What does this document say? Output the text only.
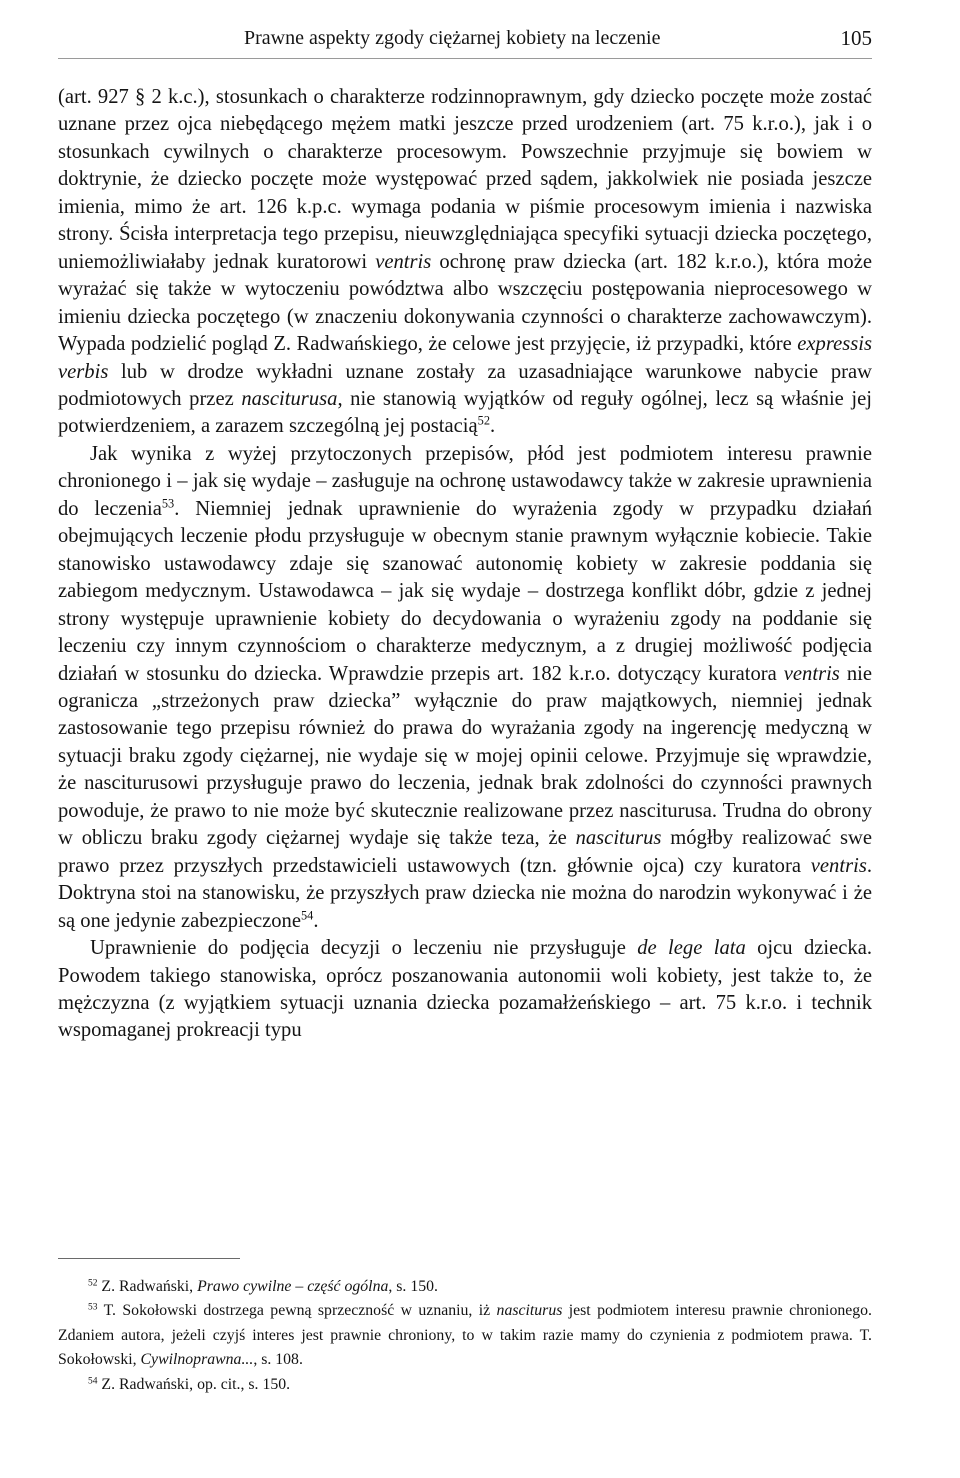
Prawne aspekty zgody ciężarnej kobiety na leczenie	105

(art. 927 § 2 k.c.), stosunkach o charakterze rodzinnoprawnym, gdy dziecko poczęte może zostać uznane przez ojca niebędącego mężem matki jeszcze przed urodzeniem (art. 75 k.r.o.), jak i o stosunkach cywilnych o charakterze procesowym. Powszechnie przyjmuje się bowiem w doktrynie, że dziecko poczęte może występować przed sądem, jakkolwiek nie posiada jeszcze imienia, mimo że art. 126 k.p.c. wymaga podania w piśmie procesowym imienia i nazwiska strony. Ścisła interpretacja tego przepisu, nieuwzględniająca specyfiki sytuacji dziecka poczętego, uniemożliwiałaby jednak kuratorowi ventris ochronę praw dziecka (art. 182 k.r.o.), która może wyrażać się także w wytoczeniu powództwa albo wszczęciu postępowania nieprocesowego w imieniu dziecka poczętego (w znaczeniu dokonywania czynności o charakterze zachowawczym). Wypada podzielić pogląd Z. Radwańskiego, że celowe jest przyjęcie, iż przypadki, które expressis verbis lub w drodze wykładni uznane zostały za uzasadniające warunkowe nabycie praw podmiotowych przez nasciturusa, nie stanowią wyjątków od reguły ogólnej, lecz są właśnie jej potwierdzeniem, a zarazem szczególną jej postacią$^{52}$.

Jak wynika z wyżej przytoczonych przepisów, płód jest podmiotem interesu prawnie chronionego i – jak się wydaje – zasługuje na ochronę ustawodawcy także w zakresie uprawnienia do leczenia$^{53}$. Niemniej jednak uprawnienie do wyrażenia zgody w przypadku działań obejmujących leczenie płodu przysługuje w obecnym stanie prawnym wyłącznie kobiecie. Takie stanowisko ustawodawcy zdaje się szanować autonomię kobiety w zakresie poddania się zabiegom medycznym. Ustawodawca – jak się wydaje – dostrzega konflikt dóbr, gdzie z jednej strony występuje uprawnienie kobiety do decydowania o wyrażeniu zgody na poddanie się leczeniu czy innym czynnościom o charakterze medycznym, a z drugiej możliwość podjęcia działań w stosunku do dziecka. Wprawdzie przepis art. 182 k.r.o. dotyczący kuratora ventris nie ogranicza „strzeżonych praw dziecka” wyłącznie do praw majątkowych, niemniej jednak zastosowanie tego przepisu również do prawa do wyrażania zgody na ingerencję medyczną w sytuacji braku zgody ciężarnej, nie wydaje się w mojej opinii celowe. Przyjmuje się wprawdzie, że nasciturusowi przysługuje prawo do leczenia, jednak brak zdolności do czynności prawnych powoduje, że prawo to nie może być skutecznie realizowane przez nasciturusa. Trudna do obrony w obliczu braku zgody ciężarnej wydaje się także teza, że nasciturus mógłby realizować swe prawo przez przyszłych przedstawicieli ustawowych (tzn. głównie ojca) czy kuratora ventris. Doktryna stoi na stanowisku, że przyszłych praw dziecka nie można do narodzin wykonywać i że są one jedynie zabezpieczone$^{54}$.

Uprawnienie do podjęcia decyzji o leczeniu nie przysługuje de lege lata ojcu dziecka. Powodem takiego stanowiska, oprócz poszanowania autonomii woli kobiety, jest także to, że mężczyzna (z wyjątkiem sytuacji uznania dziecka pozamałżeńskiego – art. 75 k.r.o. i technik wspomaganej prokreacji typu

$^{52}$ Z. Radwański, Prawo cywilne – część ogólna, s. 150.

$^{53}$ T. Sokołowski dostrzega pewną sprzeczność w uznaniu, iż nasciturus jest podmiotem interesu prawnie chronionego. Zdaniem autora, jeżeli czyjś interes jest prawnie chroniony, to w takim razie mamy do czynienia z podmiotem prawa. T. Sokołowski, Cywilnoprawna..., s. 108.

$^{54}$ Z. Radwański, op. cit., s. 150.
